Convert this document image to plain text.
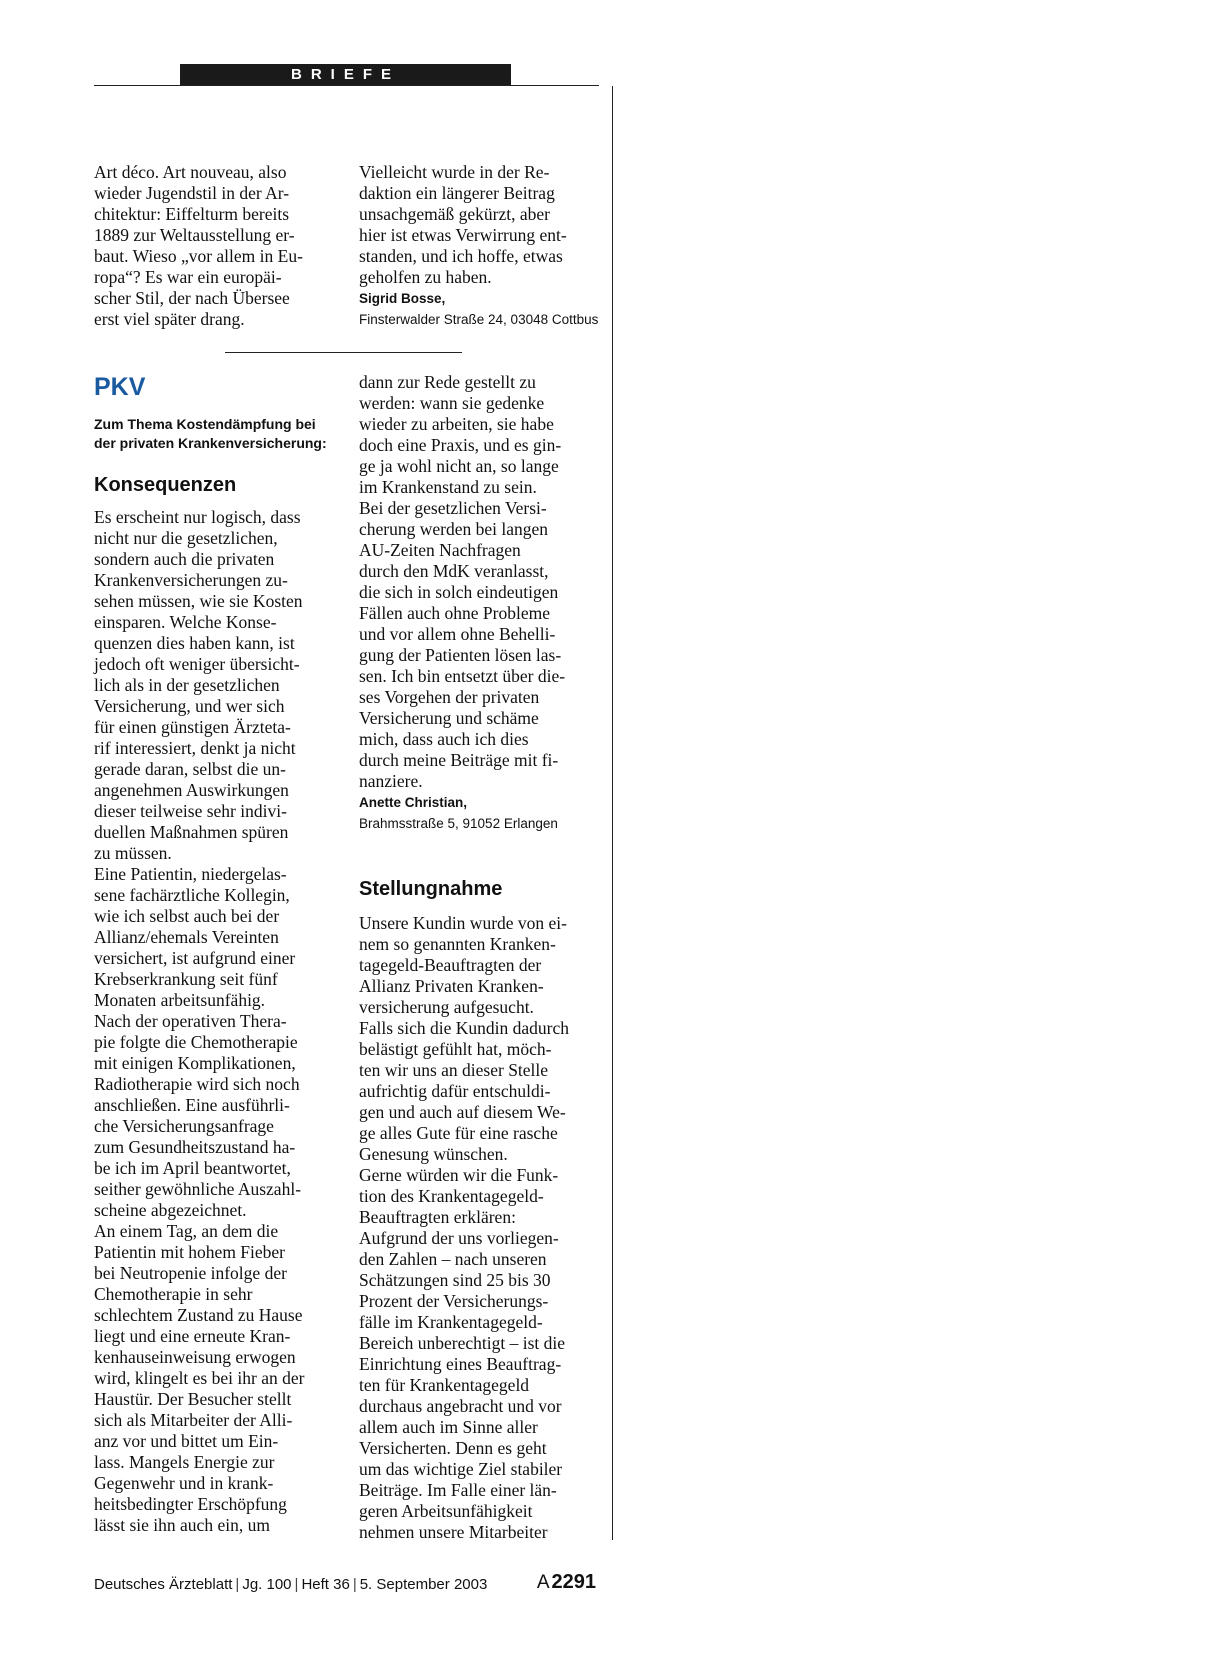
BRIEFE

Art déco. Art nouveau, also
wieder Jugendstil in der Ar-
chitektur: Eiffelturm bereits
1889 zur Weltausstellung er-
baut. Wieso „vor allem in Eu-
ropa“? Es war ein europäi-
scher Stil, der nach Übersee
erst viel später drang.

Vielleicht wurde in der Re-
daktion ein längerer Beitrag
unsachgemäß gekürzt, aber
hier ist etwas Verwirrung ent-
standen, und ich hoffe, etwas
geholfen zu haben.

Sigrid Bosse,

Finsterwalder Straße 24, 03048 Cottbus

PKV

Zum Thema Kostendämpfung bei
der privaten Krankenversicherung:

Konsequenzen

Es erscheint nur logisch, dass
nicht nur die gesetzlichen,
sondern auch die privaten
Krankenversicherungen zu-
sehen müssen, wie sie Kosten
einsparen. Welche Konse-
quenzen dies haben kann, ist
jedoch oft weniger übersicht-
lich als in der gesetzlichen
Versicherung, und wer sich
für einen günstigen Ärzteta-
rif interessiert, denkt ja nicht
gerade daran, selbst die un-
angenehmen Auswirkungen
dieser teilweise sehr indivi-
duellen Maßnahmen spüren
zu müssen.
Eine Patientin, niedergelas-
sene fachärztliche Kollegin,
wie ich selbst auch bei der
Allianz/ehemals Vereinten
versichert, ist aufgrund einer
Krebserkrankung seit fünf
Monaten arbeitsunfähig.
Nach der operativen Thera-
pie folgte die Chemotherapie
mit einigen Komplikationen,
Radiotherapie wird sich noch
anschließen. Eine ausführli-
che Versicherungsanfrage
zum Gesundheitszustand ha-
be ich im April beantwortet,
seither gewöhnliche Auszahl-
scheine abgezeichnet.
An einem Tag, an dem die
Patientin mit hohem Fieber
bei Neutropenie infolge der
Chemotherapie in sehr
schlechtem Zustand zu Hause
liegt und eine erneute Kran-
kenhauseinweisung erwogen
wird, klingelt es bei ihr an der
Haustür. Der Besucher stellt
sich als Mitarbeiter der Alli-
anz vor und bittet um Ein-
lass. Mangels Energie zur
Gegenwehr und in krank-
heitsbedingter Erschöpfung
lässt sie ihn auch ein, um

dann zur Rede gestellt zu
werden: wann sie gedenke
wieder zu arbeiten, sie habe
doch eine Praxis, und es gin-
ge ja wohl nicht an, so lange
im Krankenstand zu sein.
Bei der gesetzlichen Versi-
cherung werden bei langen
AU-Zeiten Nachfragen
durch den MdK veranlasst,
die sich in solch eindeutigen
Fällen auch ohne Probleme
und vor allem ohne Behelli-
gung der Patienten lösen las-
sen. Ich bin entsetzt über die-
ses Vorgehen der privaten
Versicherung und schäme
mich, dass auch ich dies
durch meine Beiträge mit fi-
nanziere.

Anette Christian,

Brahmsstraße 5, 91052 Erlangen

Stellungnahme

Unsere Kundin wurde von ei-
nem so genannten Kranken-
tagegeld-Beauftragten der
Allianz Privaten Kranken-
versicherung aufgesucht.
Falls sich die Kundin dadurch
belästigt gefühlt hat, möch-
ten wir uns an dieser Stelle
aufrichtig dafür entschuldi-
gen und auch auf diesem We-
ge alles Gute für eine rasche
Genesung wünschen.
Gerne würden wir die Funk-
tion des Krankentagegeld-
Beauftragten erklären:
Aufgrund der uns vorliegen-
den Zahlen – nach unseren
Schätzungen sind 25 bis 30
Prozent der Versicherungs-
fälle im Krankentagegeld-
Bereich unberechtigt – ist die
Einrichtung eines Beauftrag-
ten für Krankentagegeld
durchaus angebracht und vor
allem auch im Sinne aller
Versicherten. Denn es geht
um das wichtige Ziel stabiler
Beiträge. Im Falle einer län-
geren Arbeitsunfähigkeit
nehmen unsere Mitarbeiter

Deutsches Ärzteblatt | Jg. 100 | Heft 36 | 5. September 2003	A 2291
